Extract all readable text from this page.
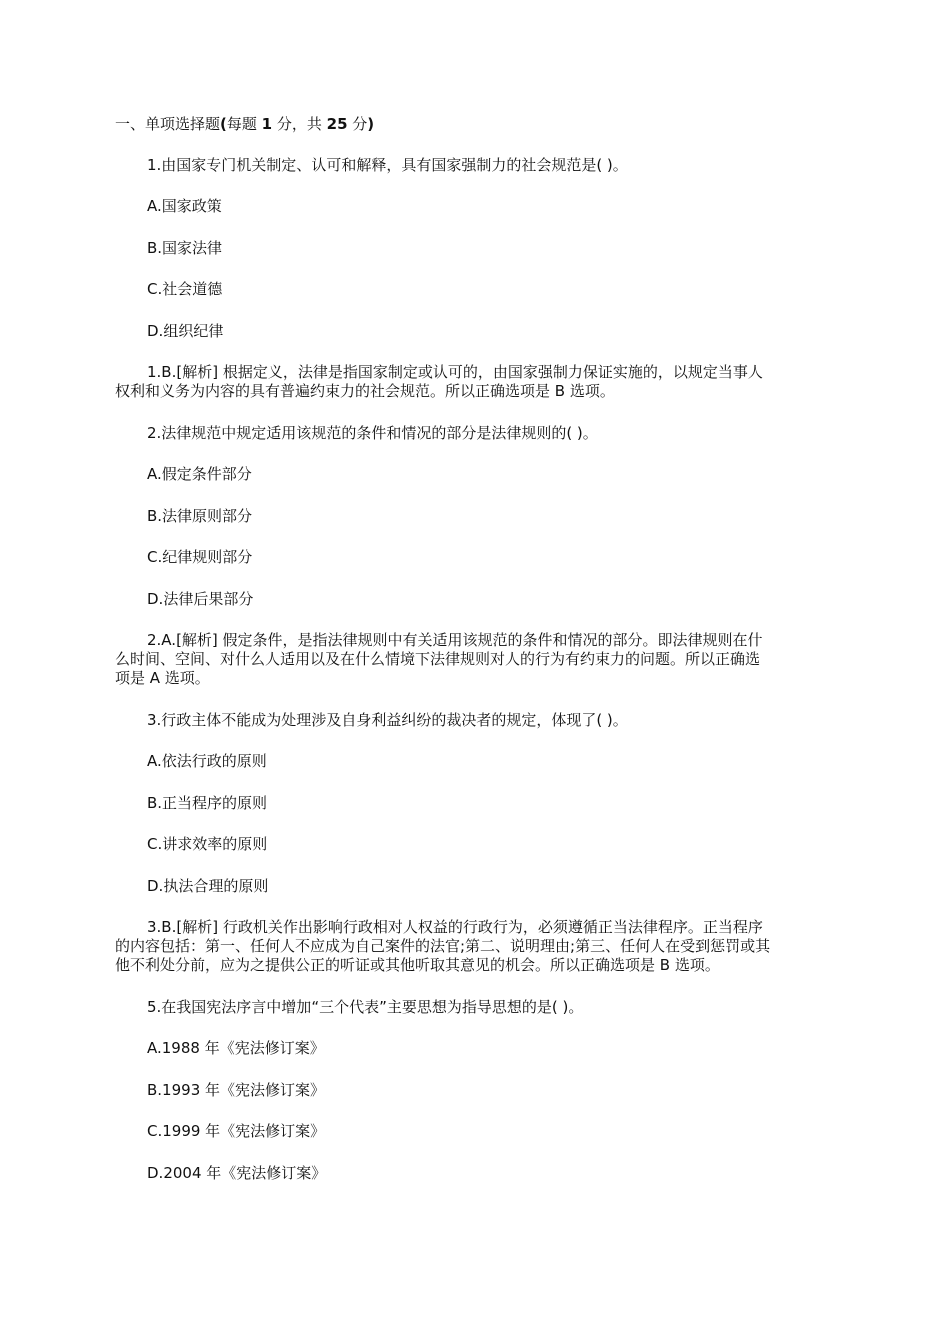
一、单项选择题(每题 1 分，共 25 分)
1.由国家专门机关制定、认可和解释，具有国家强制力的社会规范是( )。
A.国家政策
B.国家法律
C.社会道德
D.组织纪律
1.B.[解析] 根据定义，法律是指国家制定或认可的，由国家强制力保证实施的，以规定当事人
权利和义务为内容的具有普遍约束力的社会规范。所以正确选项是 B 选项。
2.法律规范中规定适用该规范的条件和情况的部分是法律规则的( )。
A.假定条件部分
B.法律原则部分
C.纪律规则部分
D.法律后果部分
2.A.[解析] 假定条件，是指法律规则中有关适用该规范的条件和情况的部分。即法律规则在什
么时间、空间、对什么人适用以及在什么情境下法律规则对人的行为有约束力的问题。所以正确选
项是 A 选项。
3.行政主体不能成为处理涉及自身利益纠纷的裁决者的规定，体现了( )。
A.依法行政的原则
B.正当程序的原则
C.讲求效率的原则
D.执法合理的原则
3.B.[解析] 行政机关作出影响行政相对人权益的行政行为，必须遵循正当法律程序。正当程序
的内容包括：第一、任何人不应成为自己案件的法官;第二、说明理由;第三、任何人在受到惩罚或其
他不利处分前，应为之提供公正的听证或其他听取其意见的机会。所以正确选项是 B 选项。
5.在我国宪法序言中增加“三个代表”主要思想为指导思想的是( )。
A.1988 年《宪法修订案》
B.1993 年《宪法修订案》
C.1999 年《宪法修订案》
D.2004 年《宪法修订案》
